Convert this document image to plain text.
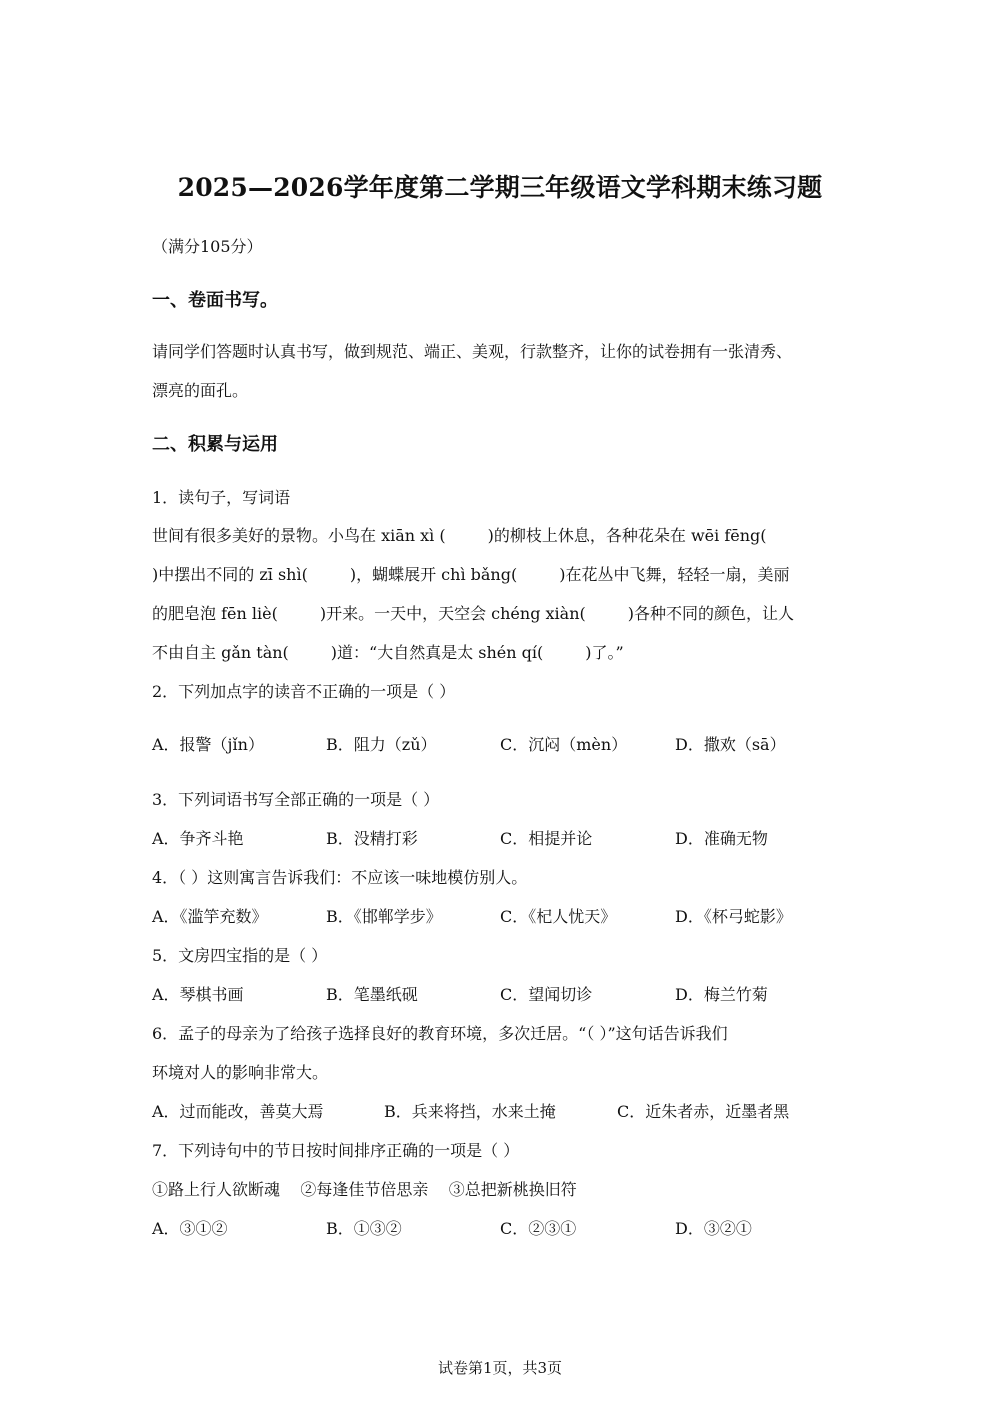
2025—2026学年度第二学期三年级语文学科期末练习题
（满分105分）
一、卷面书写。
请同学们答题时认真书写，做到规范、端正、美观，行款整齐，让你的试卷拥有一张清秀、
漂亮的面孔。
二、积累与运用
1．读句子，写词语
世间有很多美好的景物。小鸟在 xiān xì (	)的柳枝上休息，各种花朵在 wēi fēng(
)中摆出不同的 zī shì(	)，蝴蝶展开 chì bǎng(	)在花丛中飞舞，轻轻一扇，美丽
的肥皂泡 fēn liè(	)开来。一天中，天空会 chéng xiàn(	)各种不同的颜色，让人
不由自主 gǎn tàn(	)道：“大自然真是太 shén qí(	)了。”
2．下列加点字的读音不正确的一项是（ ）
A．报警（jǐn）	B．阻力（zǔ）	C．沉闷（mèn）	D．撒欢（sā）
3．下列词语书写全部正确的一项是（ ）
A．争齐斗艳	B．没精打彩	C．相提并论	D．准确无物
4．（ ）这则寓言告诉我们：不应该一味地模仿别人。
A．《滥竽充数》	B．《邯郸学步》	C．《杞人忧天》	D．《杯弓蛇影》
5．文房四宝指的是（ ）
A．琴棋书画	B．笔墨纸砚	C．望闻切诊	D．梅兰竹菊
6．孟子的母亲为了给孩子选择良好的教育环境，多次迁居。“（ ）”这句话告诉我们
环境对人的影响非常大。
A．过而能改，善莫大焉	B．兵来将挡，水来土掩	C．近朱者赤，近墨者黑
7．下列诗句中的节日按时间排序正确的一项是（ ）
①路上行人欲断魂    ②每逢佳节倍思亲    ③总把新桃换旧符
A．③①②	B．①③②	C．②③①	D．③②①
试卷第1页，共3页
